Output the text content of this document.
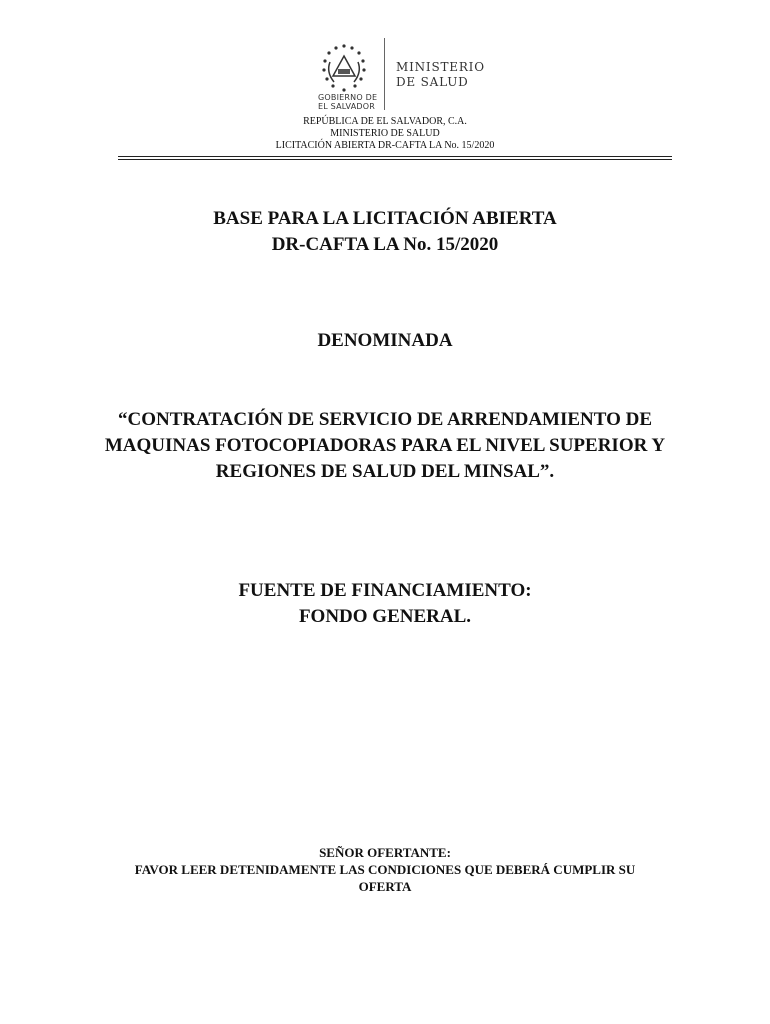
GOBIERNO DE
EL SALVADOR
MINISTERIO
DE SALUD
REPÚBLICA DE EL SALVADOR, C.A.
MINISTERIO DE SALUD
LICITACIÓN ABIERTA DR-CAFTA LA No. 15/2020
BASE PARA LA LICITACIÓN ABIERTA
DR-CAFTA LA No. 15/2020
DENOMINADA
“CONTRATACIÓN DE SERVICIO DE ARRENDAMIENTO DE
MAQUINAS FOTOCOPIADORAS PARA EL NIVEL SUPERIOR Y
REGIONES DE SALUD DEL MINSAL”.
FUENTE DE FINANCIAMIENTO:
FONDO GENERAL.
SEÑOR OFERTANTE:
FAVOR LEER DETENIDAMENTE LAS CONDICIONES QUE DEBERÁ CUMPLIR SU
OFERTA
